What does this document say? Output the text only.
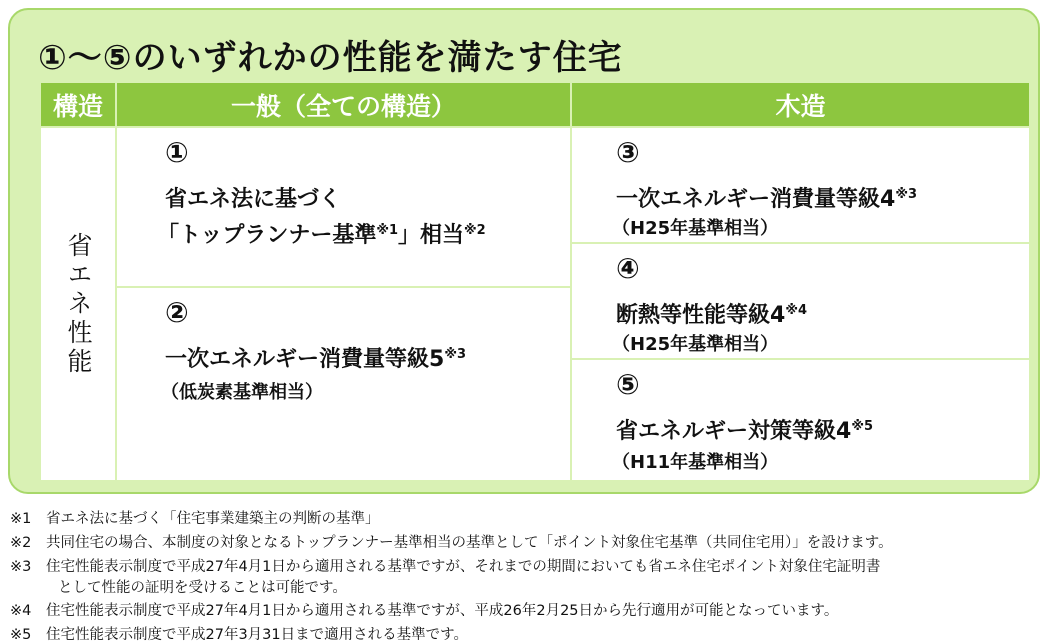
①～⑤のいずれかの性能を満たす住宅
構造	一般（全ての構造）	木造
省エネ性能
①
省エネ法に基づく
「トップランナー基準$^{※1}$」相当$^{※2}$
②
一次エネルギー消費量等級5$^{※3}$
（低炭素基準相当）
③
一次エネルギー消費量等級4$^{※3}$
（H25年基準相当）
④
断熱等性能等級4$^{※4}$
（H25年基準相当）
⑤
省エネルギー対策等級4$^{※5}$
（H11年基準相当）
※1 省エネ法に基づく「住宅事業建築主の判断の基準」
※2 共同住宅の場合、本制度の対象となるトップランナー基準相当の基準として「ポイント対象住宅基準（共同住宅用）」を設けます。
※3 住宅性能表示制度で平成27年4月1日から適用される基準ですが、それまでの期間においても省エネ住宅ポイント対象住宅証明書
として性能の証明を受けることは可能です。
※4 住宅性能表示制度で平成27年4月1日から適用される基準ですが、平成26年2月25日から先行適用が可能となっています。
※5 住宅性能表示制度で平成27年3月31日まで適用される基準です。
